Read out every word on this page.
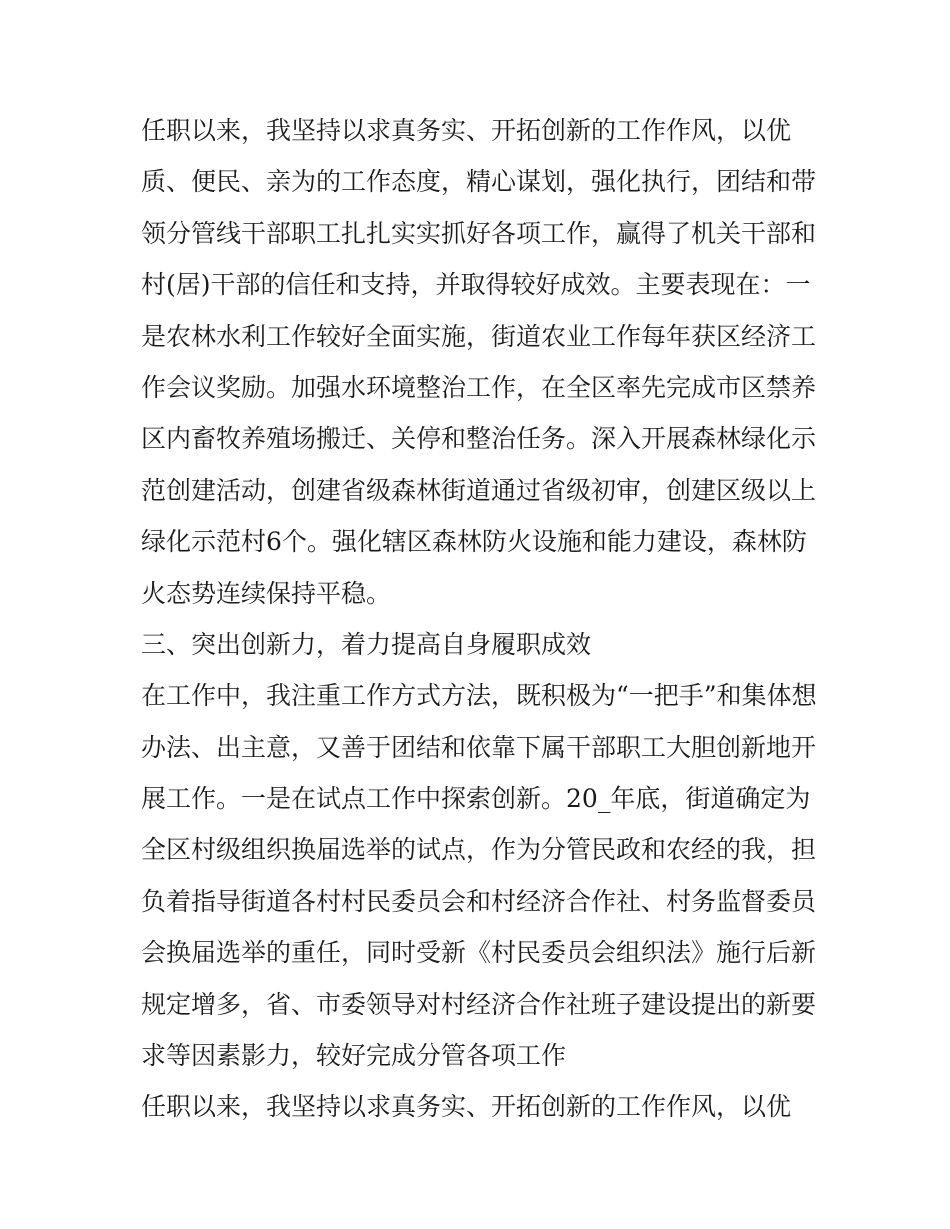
任职以来，我坚持以求真务实、开拓创新的工作作风，以优
质、便民、亲为的工作态度，精心谋划，强化执行，团结和带
领分管线干部职工扎扎实实抓好各项工作，赢得了机关干部和
村(居)干部的信任和支持，并取得较好成效。主要表现在：一
是农林水利工作较好全面实施，街道农业工作每年获区经济工
作会议奖励。加强水环境整治工作，在全区率先完成市区禁养
区内畜牧养殖场搬迁、关停和整治任务。深入开展森林绿化示
范创建活动，创建省级森林街道通过省级初审，创建区级以上
绿化示范村6个。强化辖区森林防火设施和能力建设，森林防
火态势连续保持平稳。
三、突出创新力，着力提高自身履职成效
在工作中，我注重工作方式方法，既积极为“一把手”和集体想
办法、出主意，又善于团结和依靠下属干部职工大胆创新地开
展工作。一是在试点工作中探索创新。20_年底，街道确定为
全区村级组织换届选举的试点，作为分管民政和农经的我，担
负着指导街道各村村民委员会和村经济合作社、村务监督委员
会换届选举的重任，同时受新《村民委员会组织法》施行后新
规定增多，省、市委领导对村经济合作社班子建设提出的新要
求等因素影力，较好完成分管各项工作
任职以来，我坚持以求真务实、开拓创新的工作作风，以优
